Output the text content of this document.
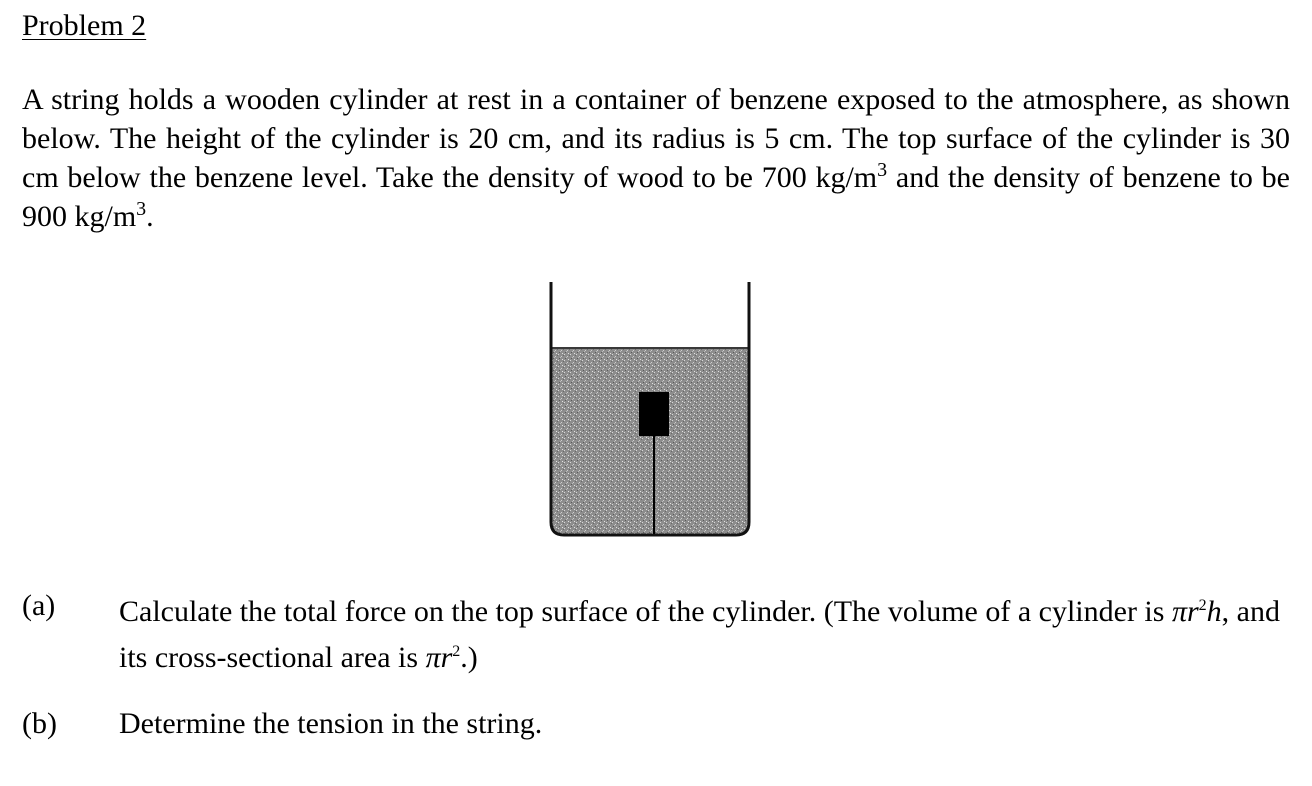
Problem 2

A string holds a wooden cylinder at rest in a container of benzene exposed to the atmosphere, as shown below. The height of the cylinder is 20 cm, and its radius is 5 cm. The top surface of the cylinder is 30 cm below the benzene level. Take the density of wood to be 700 $kg/m^3$ and the density of benzene to be 900 $kg/m^3$.

(a)	Calculate the total force on the top surface of the cylinder. (The volume of a cylinder is $\pi r^2h$, and its cross-sectional area is $\pi r^2$.)
(b)	Determine the tension in the string.
